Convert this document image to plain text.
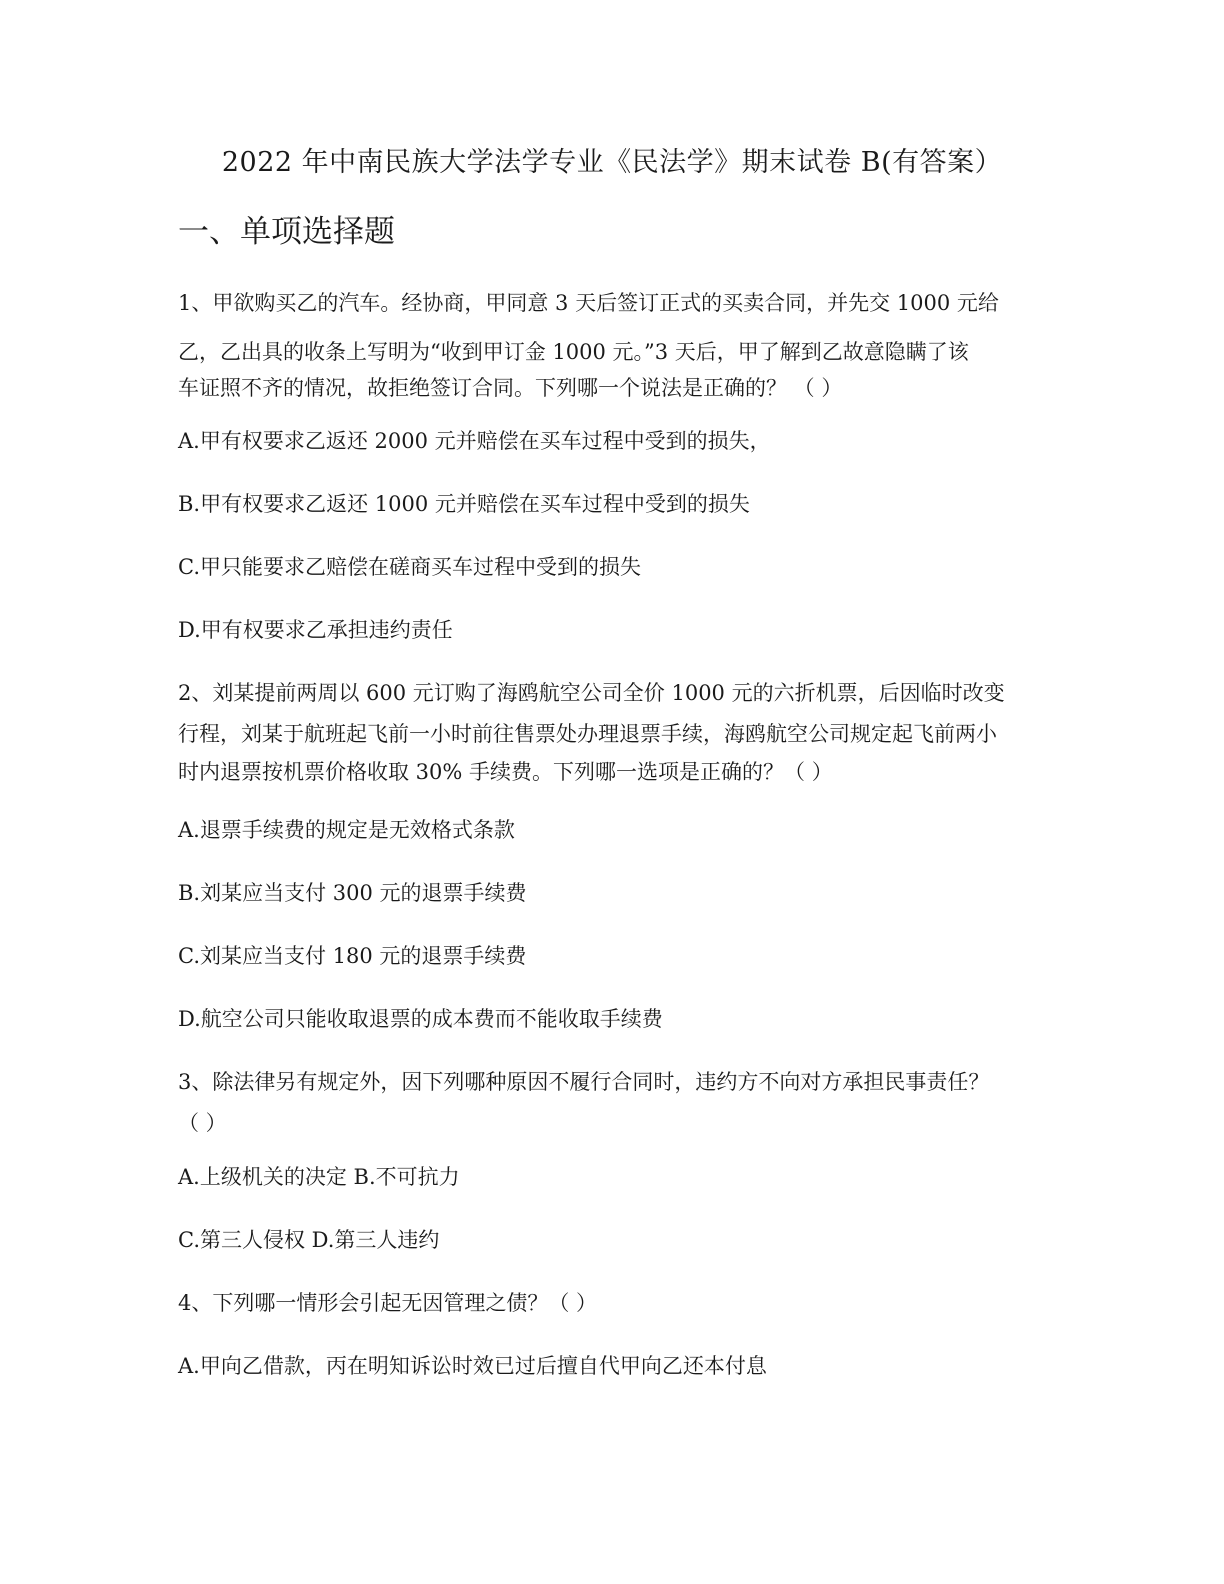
2022 年中南民族大学法学专业《民法学》期末试卷 B(有答案）
一、单项选择题
1、甲欲购买乙的汽车。经协商，甲同意 3 天后签订正式的买卖合同，并先交 1000 元给
乙，乙出具的收条上写明为“收到甲订金 1000 元。”3 天后，甲了解到乙故意隐瞒了该
车证照不齐的情况，故拒绝签订合同。下列哪一个说法是正确的？ （ ）
A.甲有权要求乙返还 2000 元并赔偿在买车过程中受到的损失，
B.甲有权要求乙返还 1000 元并赔偿在买车过程中受到的损失
C.甲只能要求乙赔偿在磋商买车过程中受到的损失
D.甲有权要求乙承担违约责任
2、刘某提前两周以 600 元订购了海鸥航空公司全价 1000 元的六折机票，后因临时改变
行程，刘某于航班起飞前一小时前往售票处办理退票手续，海鸥航空公司规定起飞前两小
时内退票按机票价格收取 30% 手续费。下列哪一选项是正确的？（ ）
A.退票手续费的规定是无效格式条款
B.刘某应当支付 300 元的退票手续费
C.刘某应当支付 180 元的退票手续费
D.航空公司只能收取退票的成本费而不能收取手续费
3、除法律另有规定外，因下列哪种原因不履行合同时，违约方不向对方承担民事责任？
（ ）
A.上级机关的决定 B.不可抗力
C.第三人侵权 D.第三人违约
4、下列哪一情形会引起无因管理之债？（ ）
A.甲向乙借款，丙在明知诉讼时效已过后擅自代甲向乙还本付息
